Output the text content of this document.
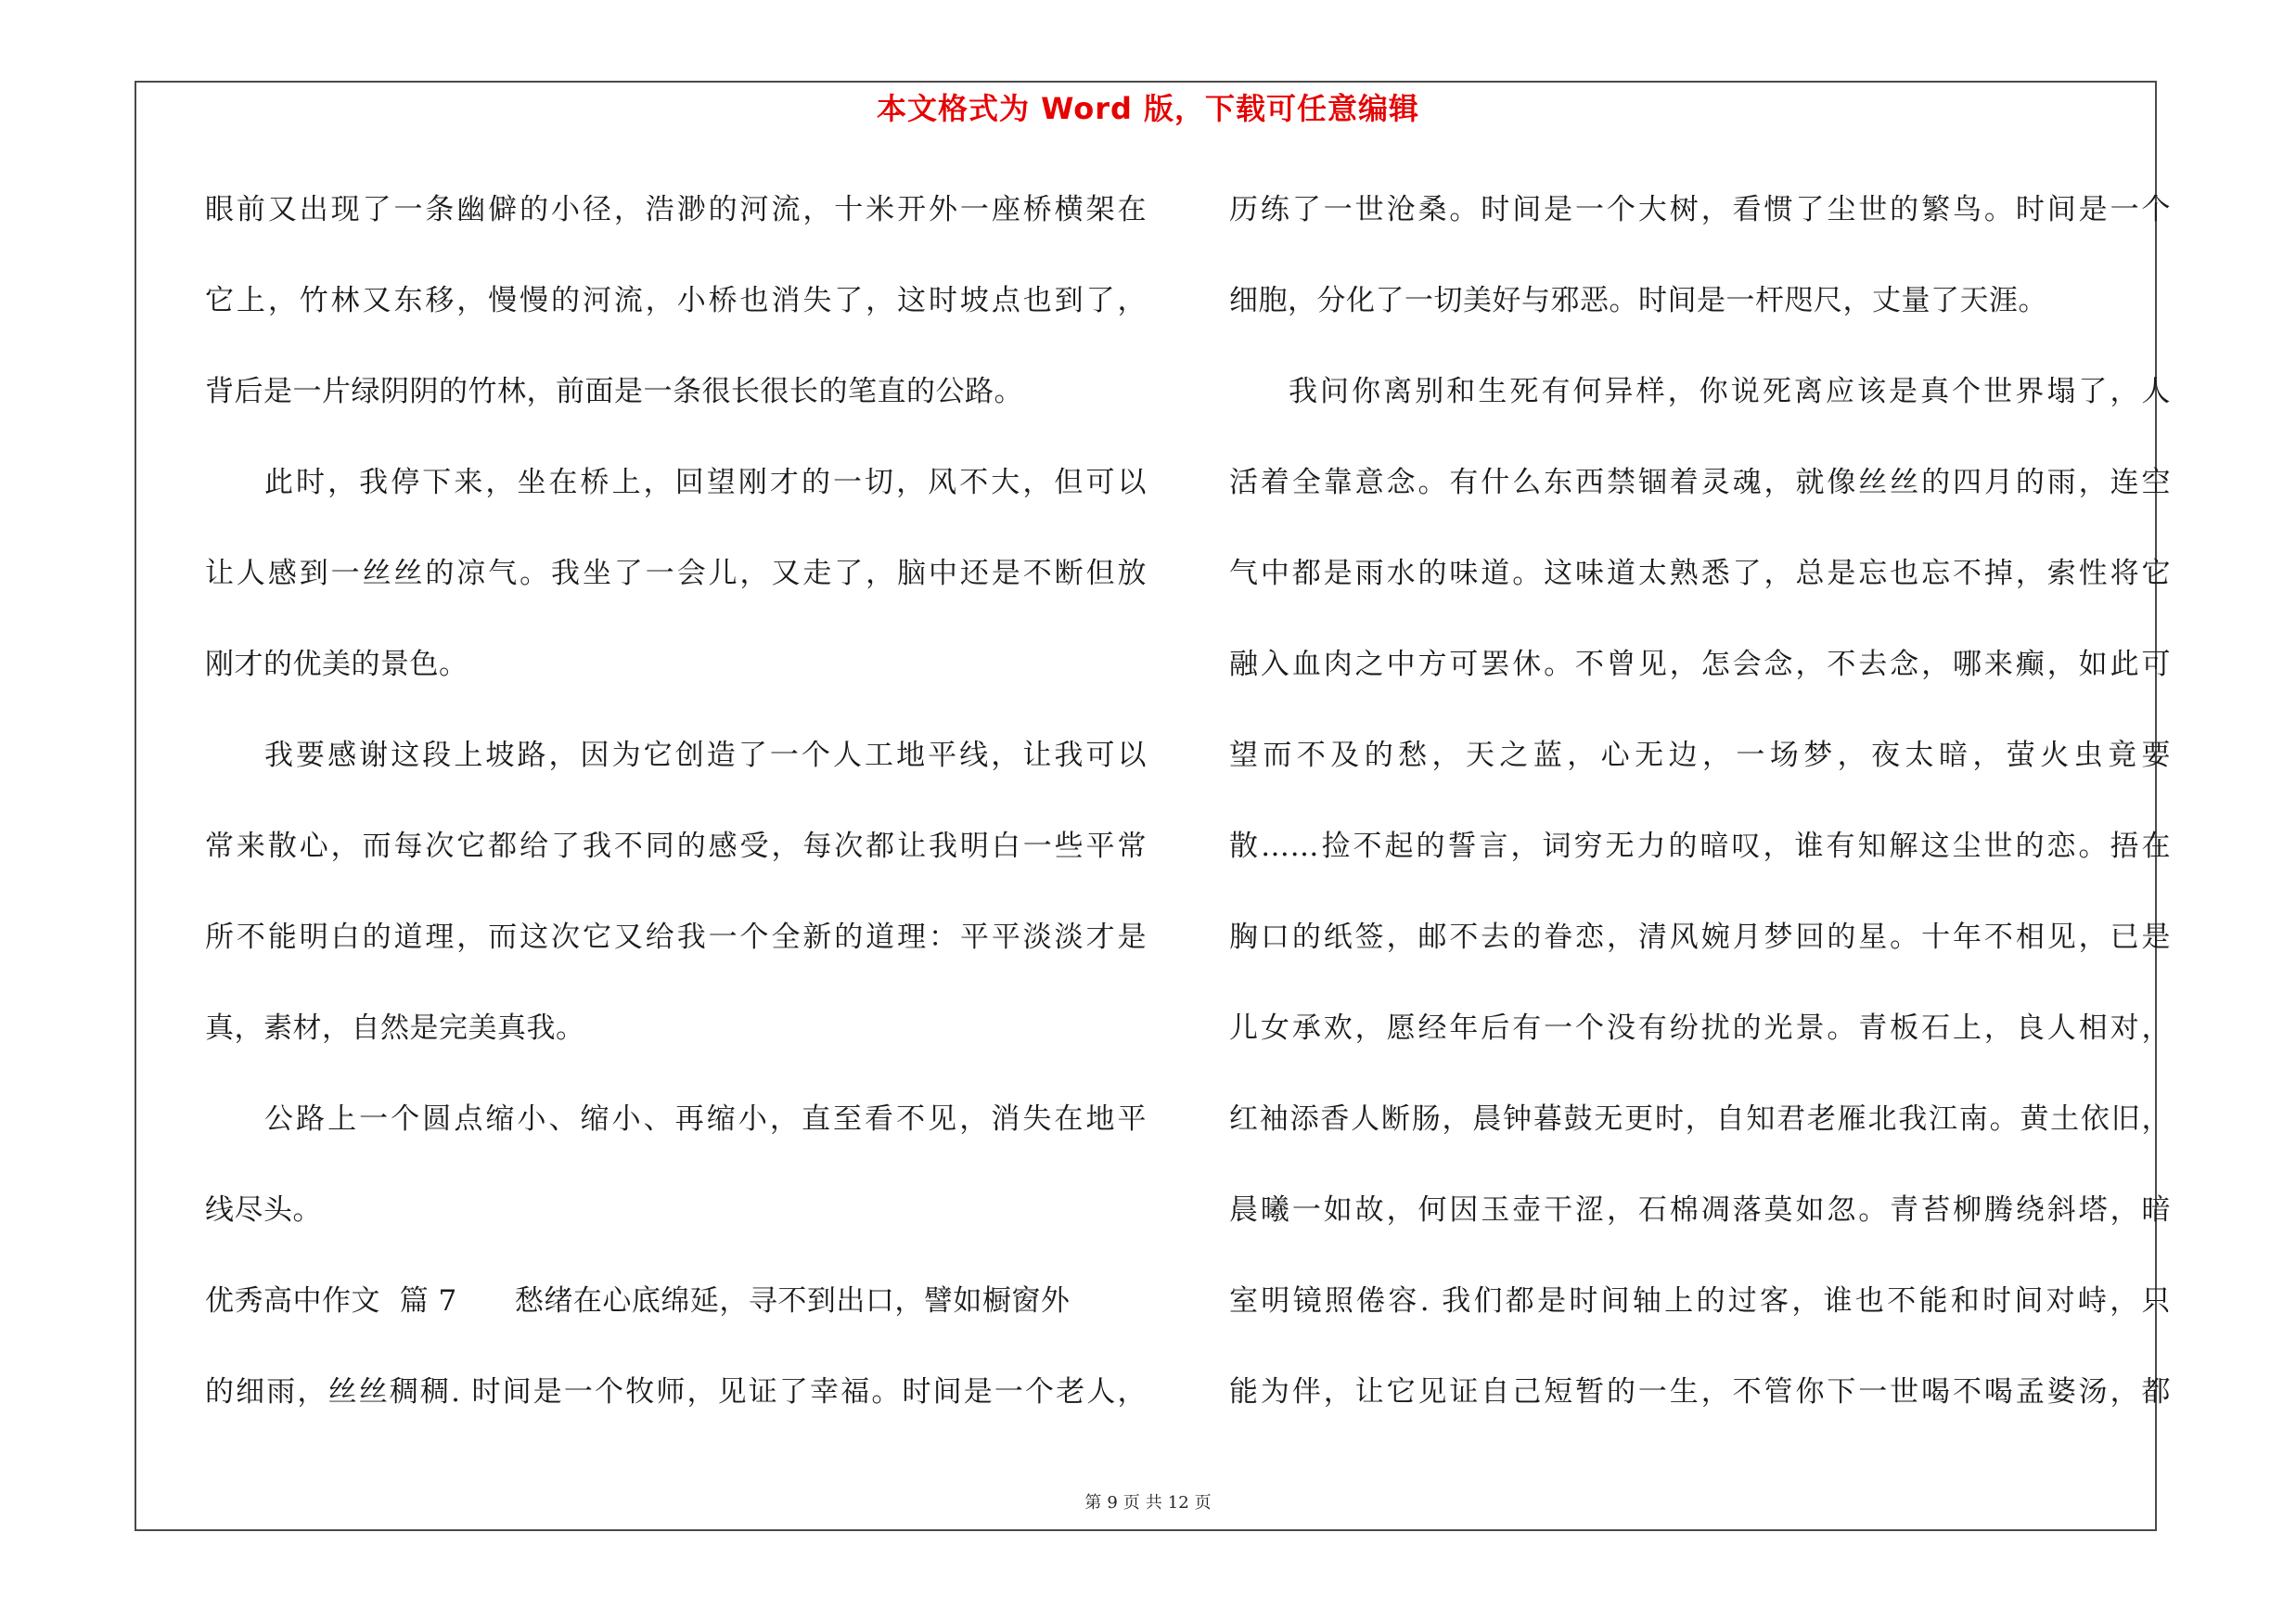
本文格式为 Word 版，下载可任意编辑
眼前又出现了一条幽僻的小径，浩渺的河流，十米开外一座桥横架在
它上，竹林又东移，慢慢的河流，小桥也消失了，这时坡点也到了，
背后是一片绿阴阴的竹林，前面是一条很长很长的笔直的公路。
此时，我停下来，坐在桥上，回望刚才的一切，风不大，但可以
让人感到一丝丝的凉气。我坐了一会儿，又走了，脑中还是不断但放
刚才的优美的景色。
我要感谢这段上坡路，因为它创造了一个人工地平线，让我可以
常来散心，而每次它都给了我不同的感受，每次都让我明白一些平常
所不能明白的道理，而这次它又给我一个全新的道理：平平淡淡才是
真，素材，自然是完美真我。
公路上一个圆点缩小、缩小、再缩小，直至看不见，消失在地平
线尽头。
优秀高中作文  篇 7      愁绪在心底绵延，寻不到出口，譬如橱窗外
的细雨，丝丝稠稠. 时间是一个牧师，见证了幸福。时间是一个老人，
历练了一世沧桑。时间是一个大树，看惯了尘世的繁鸟。时间是一个
细胞，分化了一切美好与邪恶。时间是一杆咫尺，丈量了天涯。
我问你离别和生死有何异样，你说死离应该是真个世界塌了，人
活着全靠意念。有什么东西禁锢着灵魂，就像丝丝的四月的雨，连空
气中都是雨水的味道。这味道太熟悉了，总是忘也忘不掉，索性将它
融入血肉之中方可罢休。不曾见，怎会念，不去念，哪来癫，如此可
望而不及的愁，天之蓝，心无边，一场梦，夜太暗，萤火虫竟要
散……捡不起的誓言，词穷无力的暗叹，谁有知解这尘世的恋。捂在
胸口的纸签，邮不去的眷恋，清风婉月梦回的星。十年不相见，已是
儿女承欢，愿经年后有一个没有纷扰的光景。青板石上，良人相对，
红袖添香人断肠，晨钟暮鼓无更时，自知君老雁北我江南。黄土依旧，
晨曦一如故，何因玉壶干涩，石棉凋落莫如忽。青苔柳腾绕斜塔，暗
室明镜照倦容. 我们都是时间轴上的过客，谁也不能和时间对峙，只
能为伴，让它见证自己短暂的一生，不管你下一世喝不喝孟婆汤，都
第 9 页 共 12 页
